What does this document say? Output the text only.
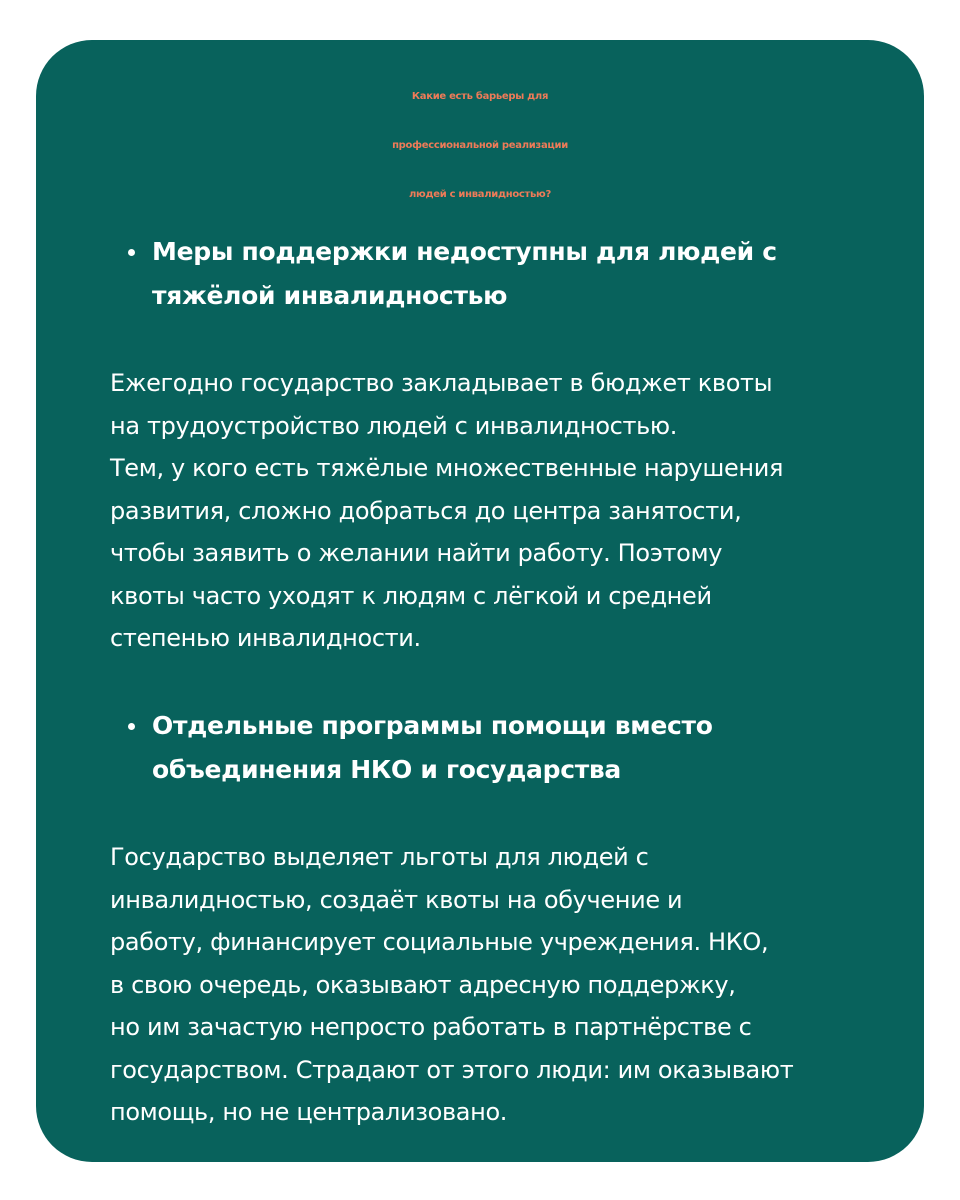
Какие есть барьеры для
профессиональной реализации
людей с инвалидностью?
Меры поддержки недоступны для людей с
тяжёлой инвалидностью

Ежегодно государство закладывает в бюджет квоты
на трудоустройство людей с инвалидностью.
Тем, у кого есть тяжёлые множественные нарушения
развития, сложно добраться до центра занятости,
чтобы заявить о желании найти работу. Поэтому
квоты часто уходят к людям с лёгкой и средней
степенью инвалидности.

Отдельные программы помощи вместо
объединения НКО и государства

Государство выделяет льготы для людей с
инвалидностью, создаёт квоты на обучение и
работу, финансирует социальные учреждения. НКО,
в свою очередь, оказывают адресную поддержку,
но им зачастую непросто работать в партнёрстве с
государством. Страдают от этого люди: им оказывают
помощь, но не централизовано.
